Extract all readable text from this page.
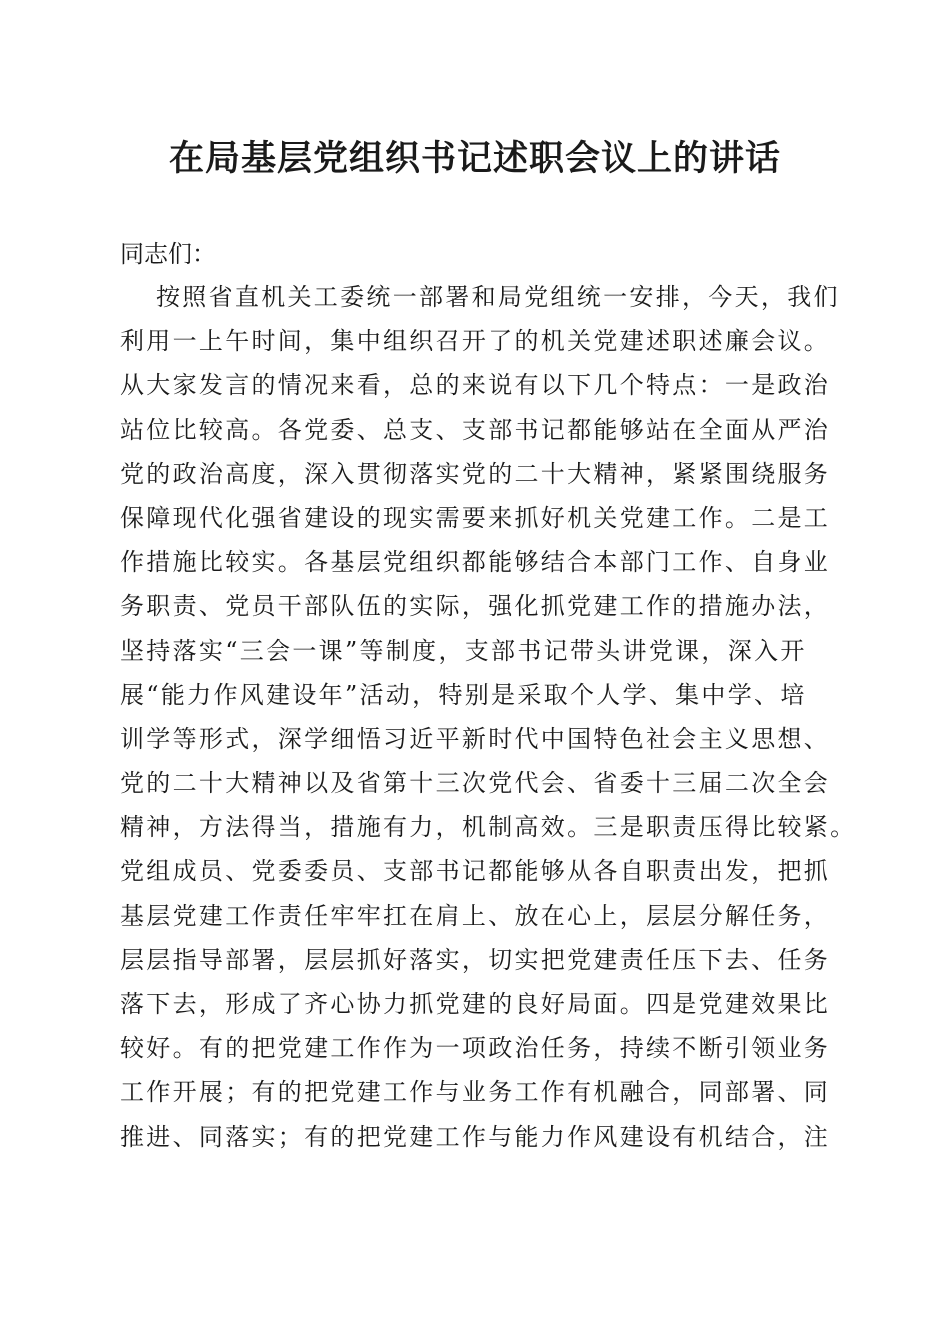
在局基层党组织书记述职会议上的讲话

同志们：

按照省直机关工委统一部署和局党组统一安排，今天，我们

利用一上午时间，集中组织召开了的机关党建述职述廉会议。

从大家发言的情况来看，总的来说有以下几个特点：一是政治

站位比较高。各党委、总支、支部书记都能够站在全面从严治

党的政治高度，深入贯彻落实党的二十大精神，紧紧围绕服务

保障现代化强省建设的现实需要来抓好机关党建工作。二是工

作措施比较实。各基层党组织都能够结合本部门工作、自身业

务职责、党员干部队伍的实际，强化抓党建工作的措施办法，

坚持落实“三会一课”等制度，支部书记带头讲党课，深入开

展“能力作风建设年”活动，特别是采取个人学、集中学、培

训学等形式，深学细悟习近平新时代中国特色社会主义思想、

党的二十大精神以及省第十三次党代会、省委十三届二次全会

精神，方法得当，措施有力，机制高效。三是职责压得比较紧。

党组成员、党委委员、支部书记都能够从各自职责出发，把抓

基层党建工作责任牢牢扛在肩上、放在心上，层层分解任务，

层层指导部署，层层抓好落实，切实把党建责任压下去、任务

落下去，形成了齐心协力抓党建的良好局面。四是党建效果比

较好。有的把党建工作作为一项政治任务，持续不断引领业务

工作开展；有的把党建工作与业务工作有机融合，同部署、同

推进、同落实；有的把党建工作与能力作风建设有机结合，注
